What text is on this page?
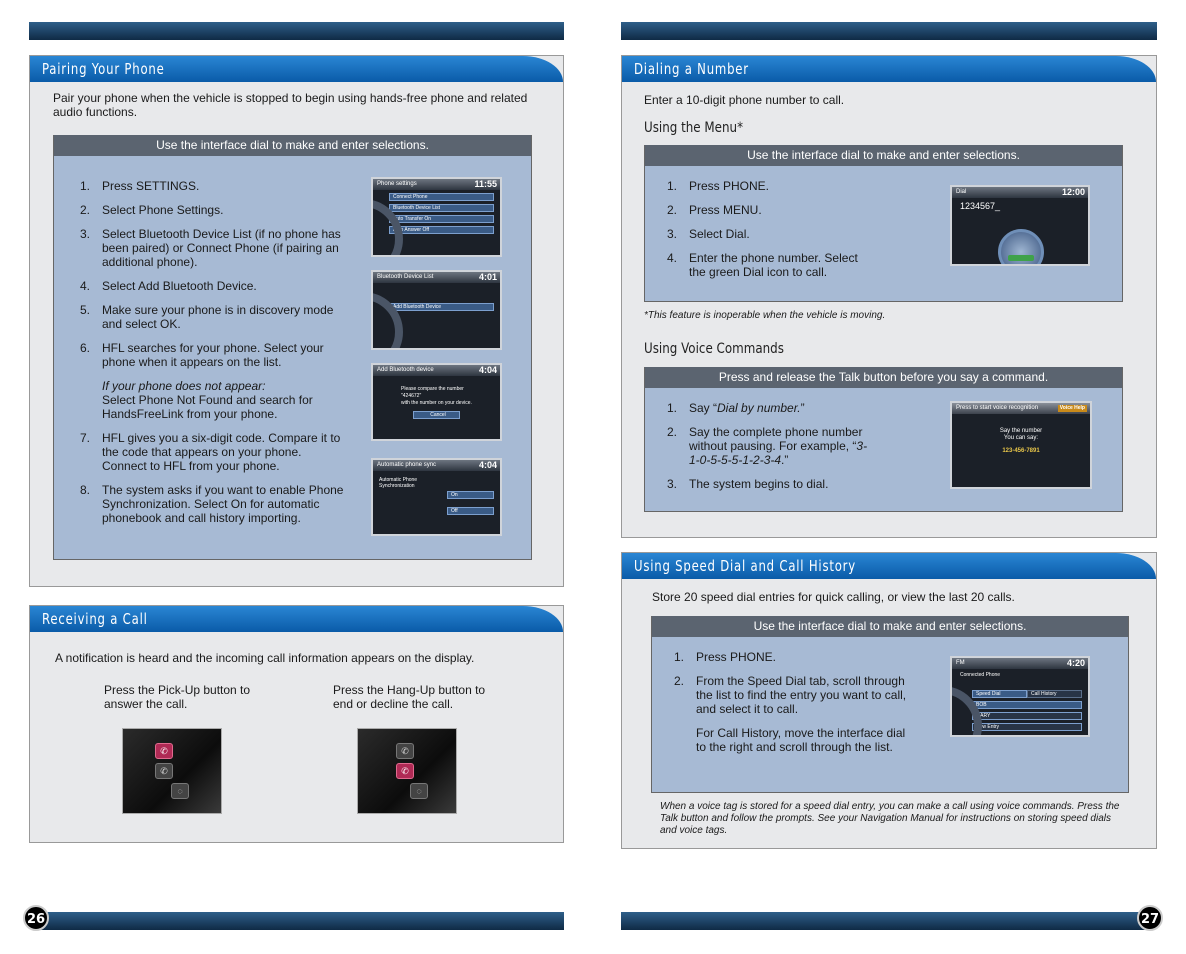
26	27
Pairing Your Phone
Pair your phone when the vehicle is stopped to begin using hands-free phone and related audio functions.
Use the interface dial to make and enter selections.
1. Press SETTINGS.
2. Select Phone Settings.
3. Select Bluetooth Device List (if no phone has been paired) or Connect Phone (if pairing an additional phone).
4. Select Add Bluetooth Device.
5. Make sure your phone is in discovery mode and select OK.
6. HFL searches for your phone. Select your phone when it appears on the list.
If your phone does not appear:
Select Phone Not Found and search for HandsFreeLink from your phone.
7. HFL gives you a six-digit code. Compare it to the code that appears on your phone. Connect to HFL from your phone.
8. The system asks if you want to enable Phone Synchronization. Select On for automatic phonebook and call history importing.
Phone settings	11:55
Connect Phone
Bluetooth Device List
Auto Transfer On
Auto Answer Off
Bluetooth Device List	4:01
Add Bluetooth Device
Add Bluetooth device	4:04
Please compare the number
"424672"
with the number on your device.
Cancel
Automatic phone sync	4:04
Automatic Phone Synchronization
On
Off
Receiving a Call
A notification is heard and the incoming call information appears on the display.
Press the Pick-Up button to answer the call.
Press the Hang-Up button to end or decline the call.
✆
✆
◌
✆
✆
◌
Dialing a Number
Enter a 10-digit phone number to call.
Using the Menu*
Use the interface dial to make and enter selections.
1. Press PHONE.
2. Press MENU.
3. Select Dial.
4. Enter the phone number. Select the green Dial icon to call.
Dial	12:00
1234567_
*This feature is inoperable when the vehicle is moving.
Using Voice Commands
Press and release the Talk button before you say a command.
1. Say “Dial by number.”
2. Say the complete phone number without pausing. For example, “3-1-0-5-5-5-1-2-3-4.”
3. The system begins to dial.
Press to start voice recognition	Voice Help
Say the number
You can say:
123-456-7891
Using Speed Dial and Call History
Store 20 speed dial entries for quick calling, or view the last 20 calls.
Use the interface dial to make and enter selections.
1. Press PHONE.
2. From the Speed Dial tab, scroll through the list to find the entry you want to call, and select it to call.
For Call History, move the interface dial to the right and scroll through the list.
FM	4:20
Connected Phone
Speed Dial	Call History
BOB
MARY
New Entry
When a voice tag is stored for a speed dial entry, you can make a call using voice commands. Press the Talk button and follow the prompts. See your Navigation Manual for instructions on storing speed dials and voice tags.
